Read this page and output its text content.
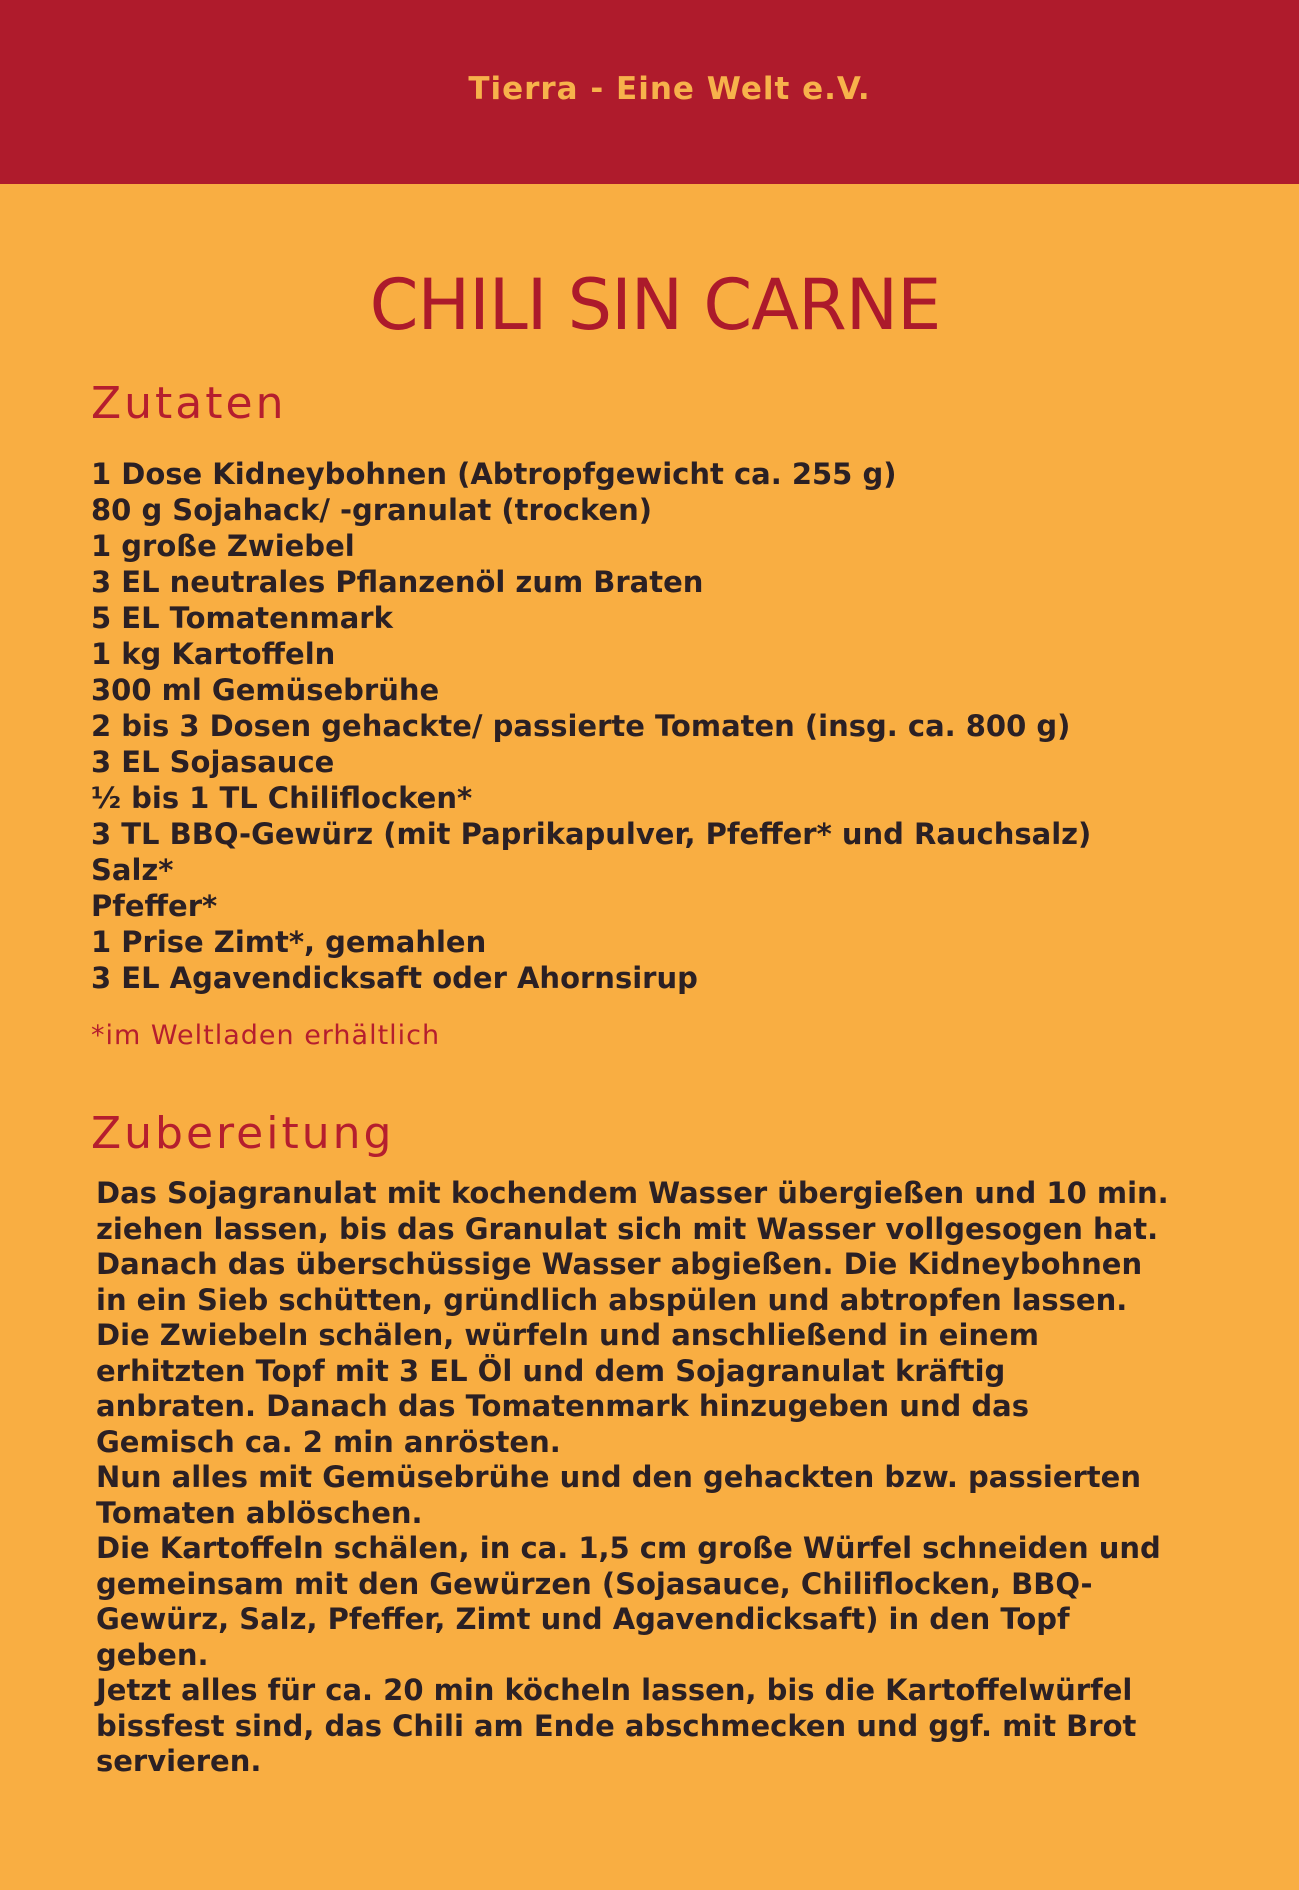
Tierra - Eine Welt e.V.
CHILI SIN CARNE
Zutaten
1 Dose Kidneybohnen (Abtropfgewicht ca. 255 g)
80 g Sojahack/ -granulat (trocken)
1 große Zwiebel
3 EL neutrales Pflanzenöl zum Braten
5 EL Tomatenmark
1 kg Kartoffeln
300 ml Gemüsebrühe
2 bis 3 Dosen gehackte/ passierte Tomaten (insg. ca. 800 g)
3 EL Sojasauce
½ bis 1 TL Chiliflocken*
3 TL BBQ-Gewürz (mit Paprikapulver, Pfeffer* und Rauchsalz)
Salz*
Pfeffer*
1 Prise Zimt*, gemahlen
3 EL Agavendicksaft oder Ahornsirup
*im Weltladen erhältlich
Zubereitung

Das Sojagranulat mit kochendem Wasser übergießen und 10 min.

ziehen lassen, bis das Granulat sich mit Wasser vollgesogen hat.

Danach das überschüssige Wasser abgießen. Die Kidneybohnen

in ein Sieb schütten, gründlich abspülen und abtropfen lassen.

Die Zwiebeln schälen, würfeln und anschließend in einem

erhitzten Topf mit 3 EL Öl und dem Sojagranulat kräftig

anbraten. Danach das Tomatenmark hinzugeben und das

Gemisch ca. 2 min anrösten.

Nun alles mit Gemüsebrühe und den gehackten bzw. passierten

Tomaten ablöschen.

Die Kartoffeln schälen, in ca. 1,5 cm große Würfel schneiden und

gemeinsam mit den Gewürzen (Sojasauce, Chiliflocken, BBQ-

Gewürz, Salz, Pfeffer, Zimt und Agavendicksaft) in den Topf

geben.

Jetzt alles für ca. 20 min köcheln lassen, bis die Kartoffelwürfel

bissfest sind, das Chili am Ende abschmecken und ggf. mit Brot

servieren.
